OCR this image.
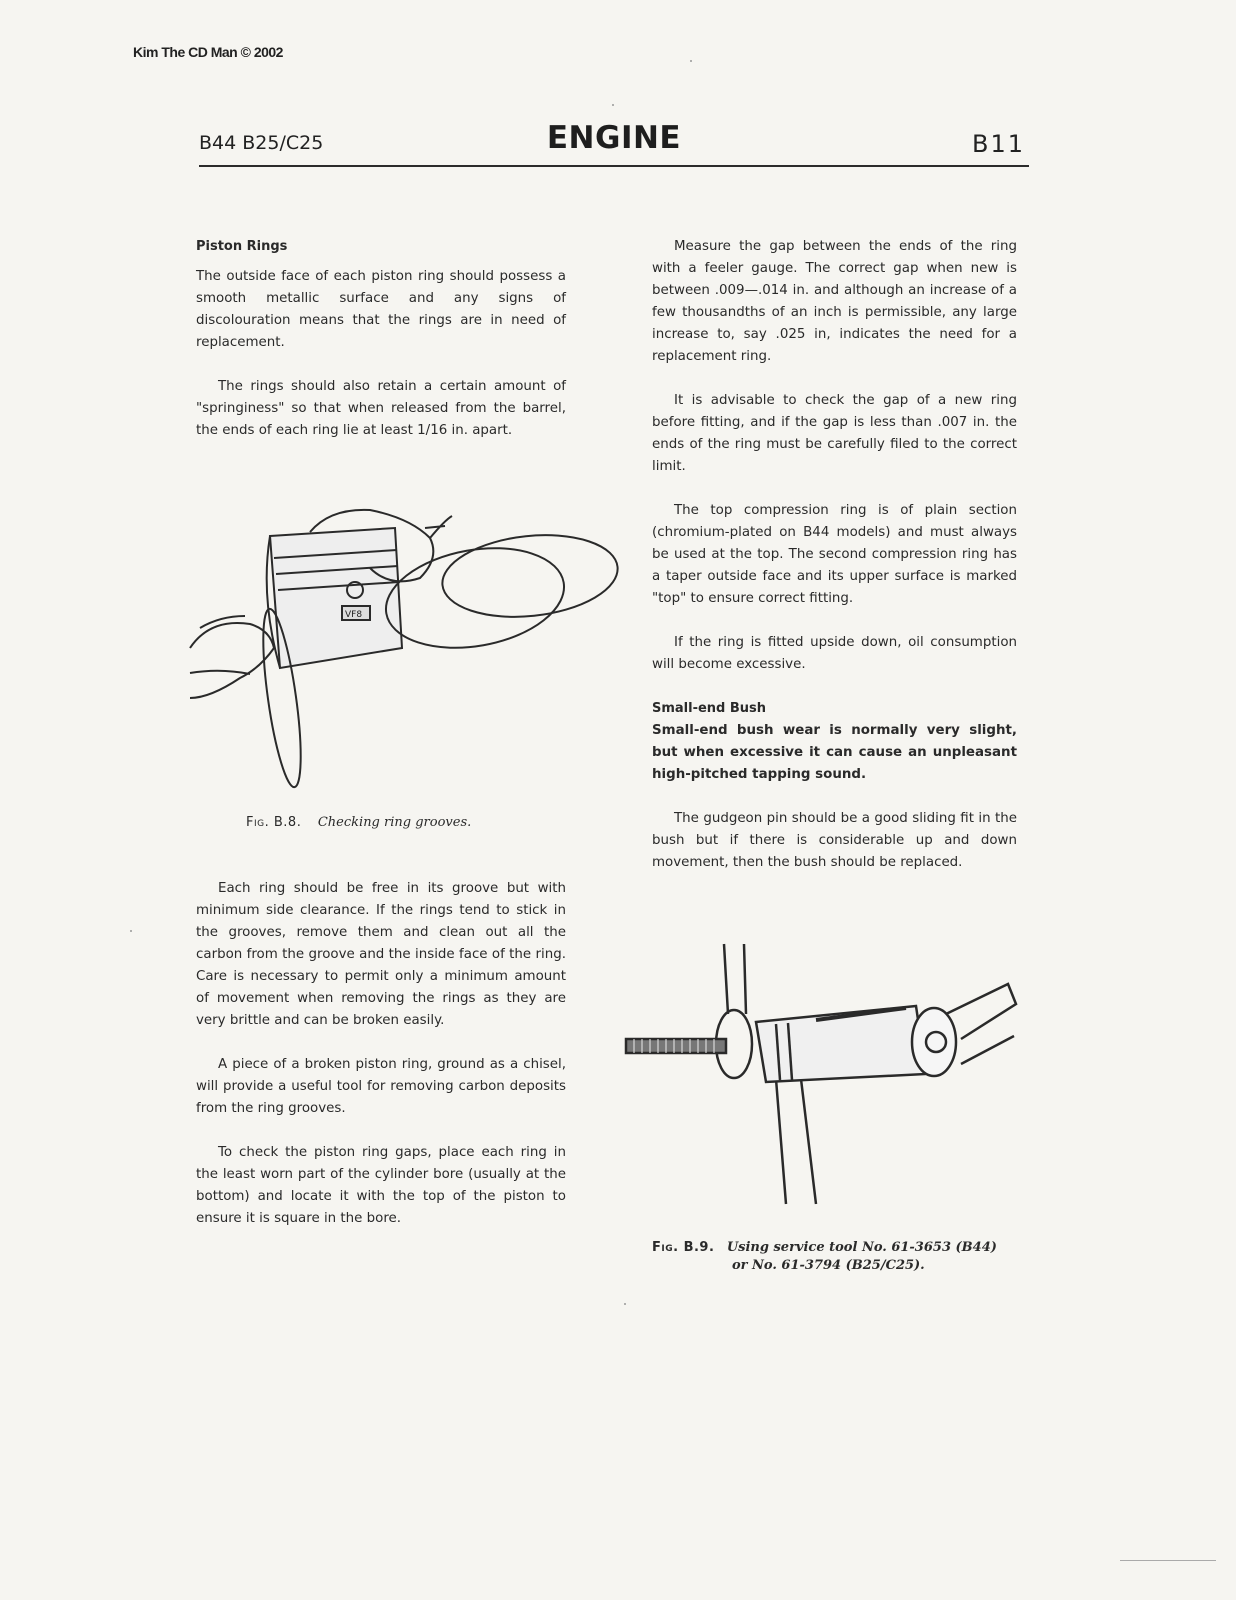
Kim The CD Man © 2002
B44 B25/C25	ENGINE	B11
Piston Rings

The outside face of each piston ring should possess a smooth metallic surface and any signs of discolouration means that the rings are in need of replacement.

The rings should also retain a certain amount of "springiness" so that when released from the barrel, the ends of each ring lie at least 1/16 in. apart.

VF8
Fig. B.8. Checking ring grooves.

Each ring should be free in its groove but with minimum side clearance. If the rings tend to stick in the grooves, remove them and clean out all the carbon from the groove and the inside face of the ring. Care is necessary to permit only a minimum amount of movement when removing the rings as they are very brittle and can be broken easily.

A piece of a broken piston ring, ground as a chisel, will provide a useful tool for removing carbon deposits from the ring grooves.

To check the piston ring gaps, place each ring in the least worn part of the cylinder bore (usually at the bottom) and locate it with the top of the piston to ensure it is square in the bore.

Measure the gap between the ends of the ring with a feeler gauge. The correct gap when new is between .009—.014 in. and although an increase of a few thousandths of an inch is permissible, any large increase to, say .025 in, indicates the need for a replacement ring.

It is advisable to check the gap of a new ring before fitting, and if the gap is less than .007 in. the ends of the ring must be carefully filed to the correct limit.

The top compression ring is of plain section (chromium-plated on B44 models) and must always be used at the top. The second compression ring has a taper outside face and its upper surface is marked "top" to ensure correct fitting.

If the ring is fitted upside down, oil consumption will become excessive.

Small-end Bush

Small-end bush wear is normally very slight, but when excessive it can cause an unpleasant high-pitched tapping sound.

The gudgeon pin should be a good sliding fit in the bush but if there is considerable up and down movement, then the bush should be replaced.

Fig. B.9. Using service tool No. 61-3653 (B44)
or No. 61-3794 (B25/C25).
